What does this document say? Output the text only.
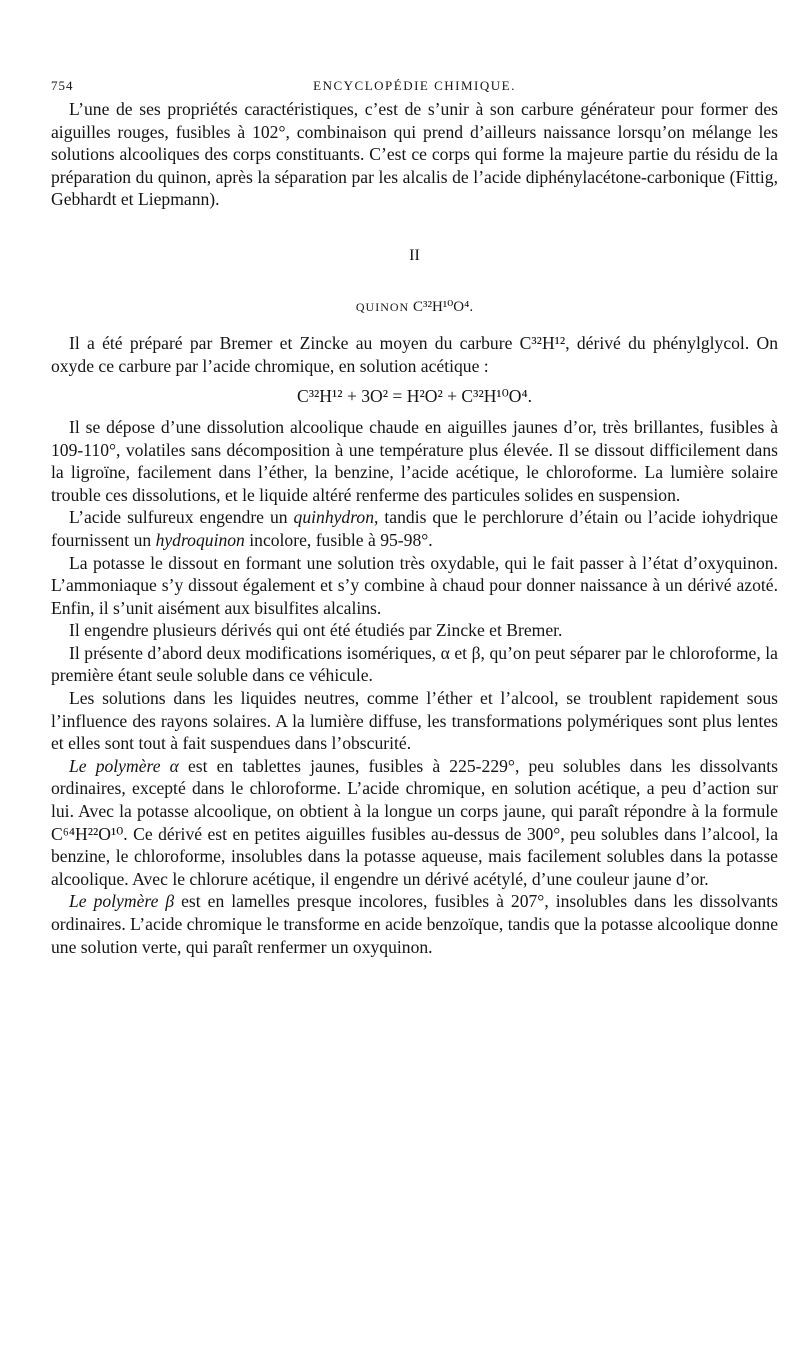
754	ENCYCLOPÉDIE CHIMIQUE.

L’une de ses propriétés caractéristiques, c’est de s’unir à son carbure générateur pour former des aiguilles rouges, fusibles à 102°, combinaison qui prend d’ailleurs naissance lorsqu’on mélange les solutions alcooliques des corps constituants. C’est ce corps qui forme la majeure partie du résidu de la préparation du quinon, après la séparation par les alcalis de l’acide diphénylacétone-carbonique (Fittig, Gebhardt et Liepmann).

II

QUINON C³²H¹⁰O⁴.

Il a été préparé par Bremer et Zincke au moyen du carbure C³²H¹², dérivé du phénylglycol. On oxyde ce carbure par l’acide chromique, en solution acétique :

C³²H¹² + 3O² = H²O² + C³²H¹⁰O⁴.

Il se dépose d’une dissolution alcoolique chaude en aiguilles jaunes d’or, très brillantes, fusibles à 109-110°, volatiles sans décomposition à une température plus élevée. Il se dissout difficilement dans la ligroïne, facilement dans l’éther, la benzine, l’acide acétique, le chloroforme. La lumière solaire trouble ces dissolutions, et le liquide altéré renferme des particules solides en suspension.

L’acide sulfureux engendre un quinhydron, tandis que le perchlorure d’étain ou l’acide iohydrique fournissent un hydroquinon incolore, fusible à 95-98°.

La potasse le dissout en formant une solution très oxydable, qui le fait passer à l’état d’oxyquinon. L’ammoniaque s’y dissout également et s’y combine à chaud pour donner naissance à un dérivé azoté. Enfin, il s’unit aisément aux bisulfites alcalins.

Il engendre plusieurs dérivés qui ont été étudiés par Zincke et Bremer.

Il présente d’abord deux modifications isomériques, α et β, qu’on peut séparer par le chloroforme, la première étant seule soluble dans ce véhicule.

Les solutions dans les liquides neutres, comme l’éther et l’alcool, se troublent rapidement sous l’influence des rayons solaires. A la lumière diffuse, les transformations polymériques sont plus lentes et elles sont tout à fait suspendues dans l’obscurité.

Le polymère α est en tablettes jaunes, fusibles à 225-229°, peu solubles dans les dissolvants ordinaires, excepté dans le chloroforme. L’acide chromique, en solution acétique, a peu d’action sur lui. Avec la potasse alcoolique, on obtient à la longue un corps jaune, qui paraît répondre à la formule C⁶⁴H²²O¹⁰. Ce dérivé est en petites aiguilles fusibles au-dessus de 300°, peu solubles dans l’alcool, la benzine, le chloroforme, insolubles dans la potasse aqueuse, mais facilement solubles dans la potasse alcoolique. Avec le chlorure acétique, il engendre un dérivé acétylé, d’une couleur jaune d’or.

Le polymère β est en lamelles presque incolores, fusibles à 207°, insolubles dans les dissolvants ordinaires. L’acide chromique le transforme en acide benzoïque, tandis que la potasse alcoolique donne une solution verte, qui paraît renfermer un oxyquinon.
